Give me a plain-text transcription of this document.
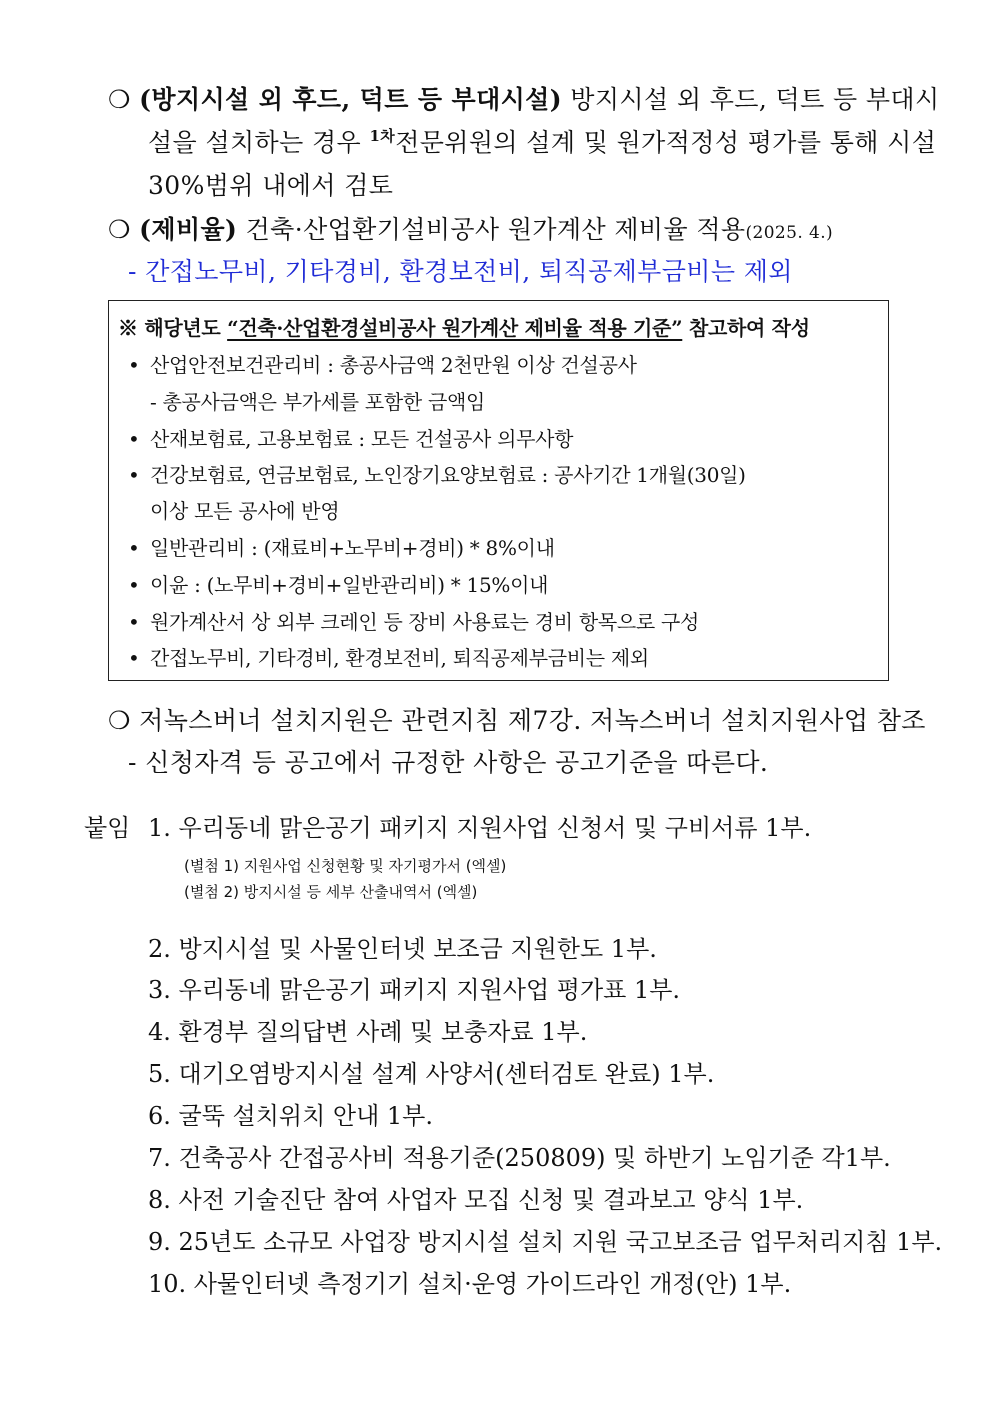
❍ (방지시설 외 후드, 덕트 등 부대시설) 방지시설 외 후드, 덕트 등 부대시
설을 설치하는 경우 $^{1차}$전문위원의 설계 및 원가적정성 평가를 통해 시설
30%범위 내에서 검토
❍ (제비율) 건축·산업환기설비공사 원가계산 제비율 적용(2025. 4.)
- 간접노무비, 기타경비, 환경보전비, 퇴직공제부금비는 제외
※ 해당년도 “건축·산업환경설비공사 원가계산 제비율 적용 기준” 참고하여 작성
• 산업안전보건관리비 : 총공사금액 2천만원 이상 건설공사
- 총공사금액은 부가세를 포함한 금액임
• 산재보험료, 고용보험료 : 모든 건설공사 의무사항
• 건강보험료, 연금보험료, 노인장기요양보험료 : 공사기간 1개월(30일)
이상 모든 공사에 반영
• 일반관리비 : (재료비+노무비+경비) * 8%이내
• 이윤 : (노무비+경비+일반관리비) * 15%이내
• 원가계산서 상 외부 크레인 등 장비 사용료는 경비 항목으로 구성
• 간접노무비, 기타경비, 환경보전비, 퇴직공제부금비는 제외
❍ 저녹스버너 설치지원은 관련지침 제7강. 저녹스버너 설치지원사업 참조
- 신청자격 등 공고에서 규정한 사항은 공고기준을 따른다.
붙임 1. 우리동네 맑은공기 패키지 지원사업 신청서 및 구비서류 1부.
(별첨 1) 지원사업 신청현황 및 자기평가서 (엑셀)
(별첨 2) 방지시설 등 세부 산출내역서 (엑셀)
2. 방지시설 및 사물인터넷 보조금 지원한도 1부.
3. 우리동네 맑은공기 패키지 지원사업 평가표 1부.
4. 환경부 질의답변 사례 및 보충자료 1부.
5. 대기오염방지시설 설계 사양서(센터검토 완료) 1부.
6. 굴뚝 설치위치 안내 1부.
7. 건축공사 간접공사비 적용기준(250809) 및 하반기 노임기준 각1부.
8. 사전 기술진단 참여 사업자 모집 신청 및 결과보고 양식 1부.
9. 25년도 소규모 사업장 방지시설 설치 지원 국고보조금 업무처리지침 1부.
10. 사물인터넷 측정기기 설치·운영 가이드라인 개정(안) 1부.
